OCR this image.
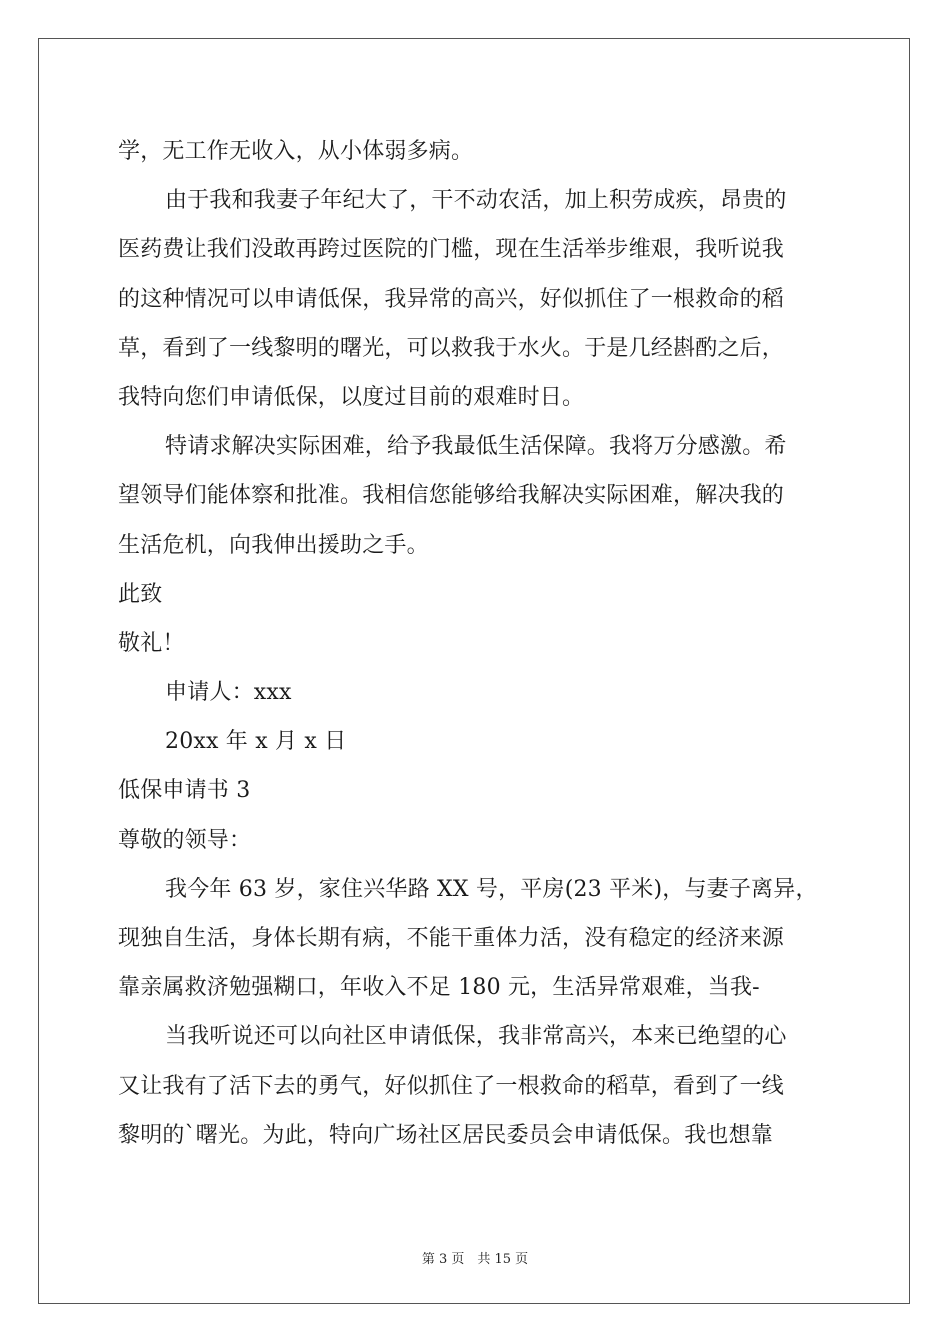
学，无工作无收入，从小体弱多病。
由于我和我妻子年纪大了，干不动农活，加上积劳成疾，昂贵的
医药费让我们没敢再跨过医院的门槛，现在生活举步维艰，我听说我
的这种情况可以申请低保，我异常的高兴，好似抓住了一根救命的稻
草，看到了一线黎明的曙光，可以救我于水火。于是几经斟酌之后，
我特向您们申请低保，以度过目前的艰难时日。
特请求解决实际困难，给予我最低生活保障。我将万分感激。希
望领导们能体察和批准。我相信您能够给我解决实际困难，解决我的
生活危机，向我伸出援助之手。
此致
敬礼！
申请人：xxx
20xx 年 x 月 x 日
低保申请书 3
尊敬的领导：
我今年 63 岁，家住兴华路 XX 号，平房(23 平米)，与妻子离异，
现独自生活，身体长期有病，不能干重体力活，没有稳定的经济来源
靠亲属救济勉强糊口，年收入不足 180 元，生活异常艰难，当我-
当我听说还可以向社区申请低保，我非常高兴，本来已绝望的心
又让我有了活下去的勇气，好似抓住了一根救命的稻草，看到了一线
黎明的`曙光。为此，特向广场社区居民委员会申请低保。我也想靠
第 3 页　共 15 页
